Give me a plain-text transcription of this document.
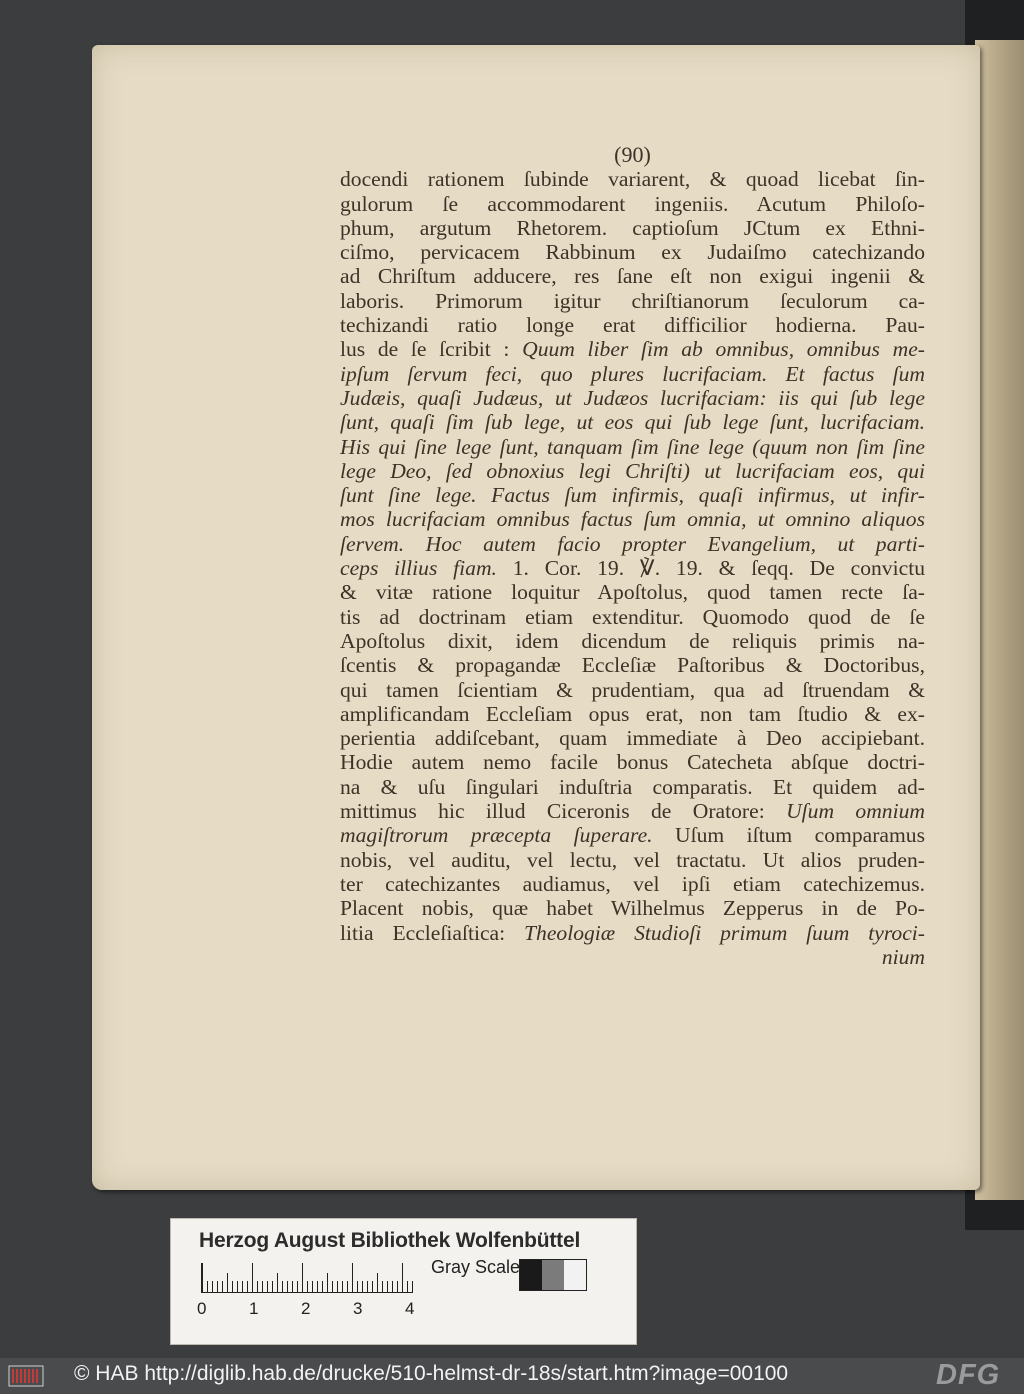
(90)
docendi rationem ſubinde variarent, & quoad licebat ſin-
gulorum ſe accommodarent ingeniis. Acutum Philoſo-
phum, argutum Rhetorem. captioſum JCtum ex Ethni-
ciſmo, pervicacem Rabbinum ex Judaiſmo catechizando
ad Chriſtum adducere, res ſane eſt non exigui ingenii &
laboris. Primorum igitur chriſtianorum ſeculorum ca-
techizandi ratio longe erat difficilior hodierna. Pau-
lus de ſe ſcribit : Quum liber ſim ab omnibus, omnibus me-
ipſum ſervum feci, quo plures lucrifaciam. Et factus ſum
Judæis, quaſi Judæus, ut Judæos lucrifaciam: iis qui ſub lege
ſunt, quaſi ſim ſub lege, ut eos qui ſub lege ſunt, lucrifaciam.
His qui ſine lege ſunt, tanquam ſim ſine lege (quum non ſim ſine
lege Deo, ſed obnoxius legi Chriſti) ut lucrifaciam eos, qui
ſunt ſine lege. Factus ſum infirmis, quaſi infirmus, ut infir-
mos lucrifaciam omnibus factus ſum omnia, ut omnino aliquos
ſervem. Hoc autem facio propter Evangelium, ut parti-
ceps illius fiam. 1. Cor. 19. ℣. 19. & ſeqq. De convictu
& vitæ ratione loquitur Apoſtolus, quod tamen recte ſa-
tis ad doctrinam etiam extenditur. Quomodo quod de ſe
Apoſtolus dixit, idem dicendum de reliquis primis na-
ſcentis & propagandæ Eccleſiæ Paſtoribus & Doctoribus,
qui tamen ſcientiam & prudentiam, qua ad ſtruendam &
amplificandam Eccleſiam opus erat, non tam ſtudio & ex-
perientia addiſcebant, quam immediate à Deo accipiebant.
Hodie autem nemo facile bonus Catecheta abſque doctri-
na & uſu ſingulari induſtria comparatis. Et quidem ad-
mittimus hic illud Ciceronis de Oratore: Uſum omnium
magiſtrorum præcepta ſuperare. Uſum iſtum comparamus
nobis, vel auditu, vel lectu, vel tractatu. Ut alios pruden-
ter catechizantes audiamus, vel ipſi etiam catechizemus.
Placent nobis, quæ habet Wilhelmus Zepperus in de Po-
litia Eccleſiaſtica: Theologiæ Studioſi primum ſuum tyroci-
nium
Herzog August Bibliothek Wolfenbüttel
0	1	2	3	4
Gray Scale
© HAB http://diglib.hab.de/drucke/510-helmst-dr-18s/start.htm?image=00100	DFG
